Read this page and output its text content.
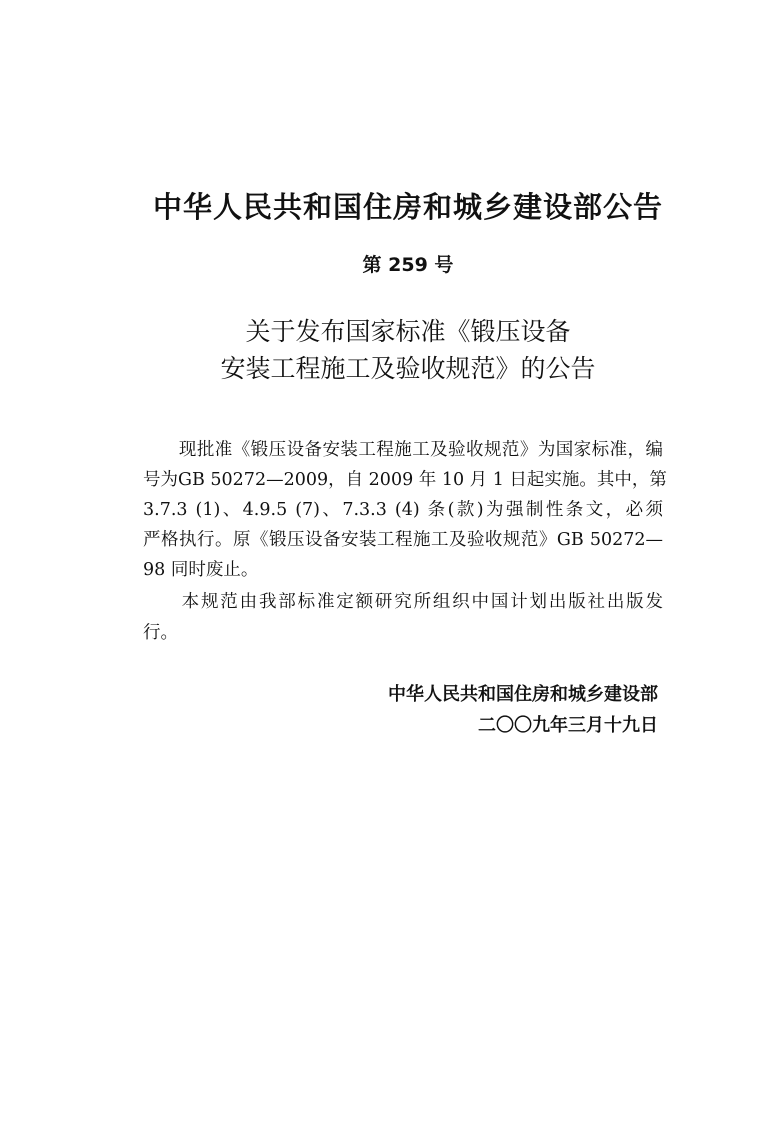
中华人民共和国住房和城乡建设部公告
第 259 号
关于发布国家标准《锻压设备
安装工程施工及验收规范》的公告
　　现批准《锻压设备安装工程施工及验收规范》为国家标准，编
号为GB 50272—2009，自 2009 年 10 月 1 日起实施。其中，第
3.7.3 (1)、4.9.5 (7)、7.3.3 (4) 条(款)为强制性条文，必须
严格执行。原《锻压设备安装工程施工及验收规范》GB 50272—
98 同时废止。
　　本规范由我部标准定额研究所组织中国计划出版社出版发
行。
中华人民共和国住房和城乡建设部
二〇〇九年三月十九日
